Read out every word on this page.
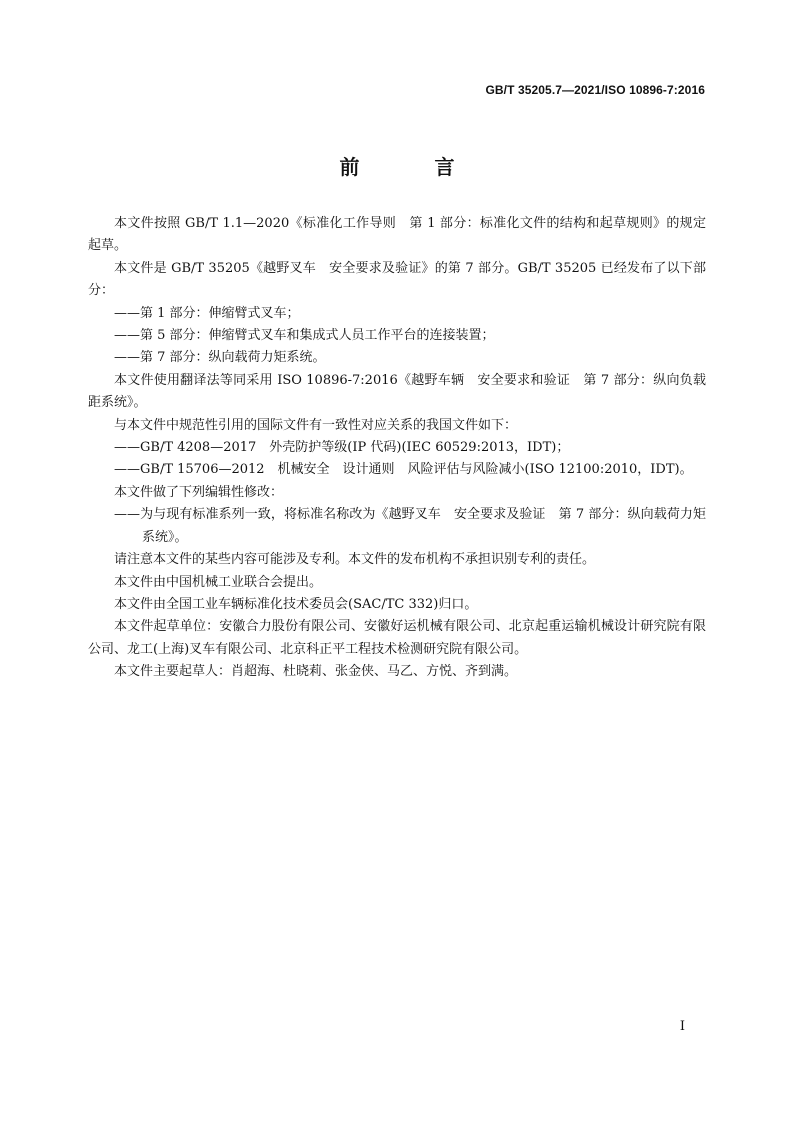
GB/T 35205.7—2021/ISO 10896-7:2016
前 言

本文件按照 GB/T 1.1—2020《标准化工作导则　第 1 部分：标准化文件的结构和起草规则》的规定起草。

本文件是 GB/T 35205《越野叉车　安全要求及验证》的第 7 部分。GB/T 35205 已经发布了以下部分：

——第 1 部分：伸缩臂式叉车；

——第 5 部分：伸缩臂式叉车和集成式人员工作平台的连接装置；

——第 7 部分：纵向载荷力矩系统。

本文件使用翻译法等同采用 ISO 10896-7:2016《越野车辆　安全要求和验证　第 7 部分：纵向负载距系统》。

与本文件中规范性引用的国际文件有一致性对应关系的我国文件如下：

——GB/T 4208—2017　外壳防护等级(IP 代码)(IEC 60529:2013，IDT)；

——GB/T 15706—2012　机械安全　设计通则　风险评估与风险减小(ISO 12100:2010，IDT)。

本文件做了下列编辑性修改：

——为与现有标准系列一致，将标准名称改为《越野叉车　安全要求及验证　第 7 部分：纵向载荷力矩系统》。

请注意本文件的某些内容可能涉及专利。本文件的发布机构不承担识别专利的责任。

本文件由中国机械工业联合会提出。

本文件由全国工业车辆标准化技术委员会(SAC/TC 332)归口。

本文件起草单位：安徽合力股份有限公司、安徽好运机械有限公司、北京起重运输机械设计研究院有限公司、龙工(上海)叉车有限公司、北京科正平工程技术检测研究院有限公司。

本文件主要起草人：肖超海、杜晓莉、张金侠、马乙、方悦、齐到满。

I
